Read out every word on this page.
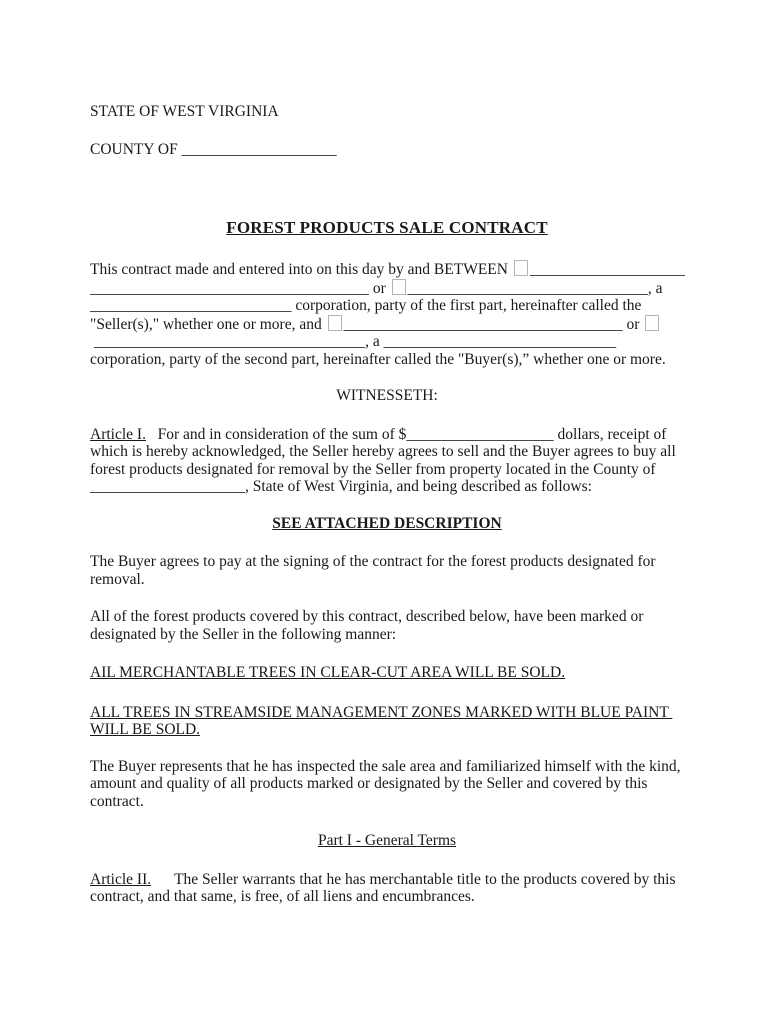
STATE OF WEST VIRGINIA
COUNTY OF ____________________
FOREST PRODUCTS SALE CONTRACT
This contract made and entered into on this day by and BETWEEN ____________________
____________________________________ or _______________________________, a
__________________________ corporation, party of the first part, hereinafter called the
"Seller(s)," whether one or more, and ____________________________________ or
___________________________________, a ______________________________
corporation, party of the second part, hereinafter called the "Buyer(s),” whether one or more.
WITNESSETH:
Article I.   For and in consideration of the sum of $___________________ dollars, receipt of
which is hereby acknowledged, the Seller hereby agrees to sell and the Buyer agrees to buy all
forest products designated for removal by the Seller from property located in the County of
____________________, State of West Virginia, and being described as follows:
SEE ATTACHED DESCRIPTION
The Buyer agrees to pay at the signing of the contract for the forest products designated for
removal.
All of the forest products covered by this contract, described below, have been marked or
designated by the Seller in the following manner:
AIL MERCHANTABLE TREES IN CLEAR-CUT AREA WILL BE SOLD.
ALL TREES IN STREAMSIDE MANAGEMENT ZONES MARKED WITH BLUE PAINT
WILL BE SOLD.
The Buyer represents that he has inspected the sale area and familiarized himself with the kind,
amount and quality of all products marked or designated by the Seller and covered by this
contract.
Part I - General Terms
Article II.      The Seller warrants that he has merchantable title to the products covered by this
contract, and that same, is free, of all liens and encumbrances.
